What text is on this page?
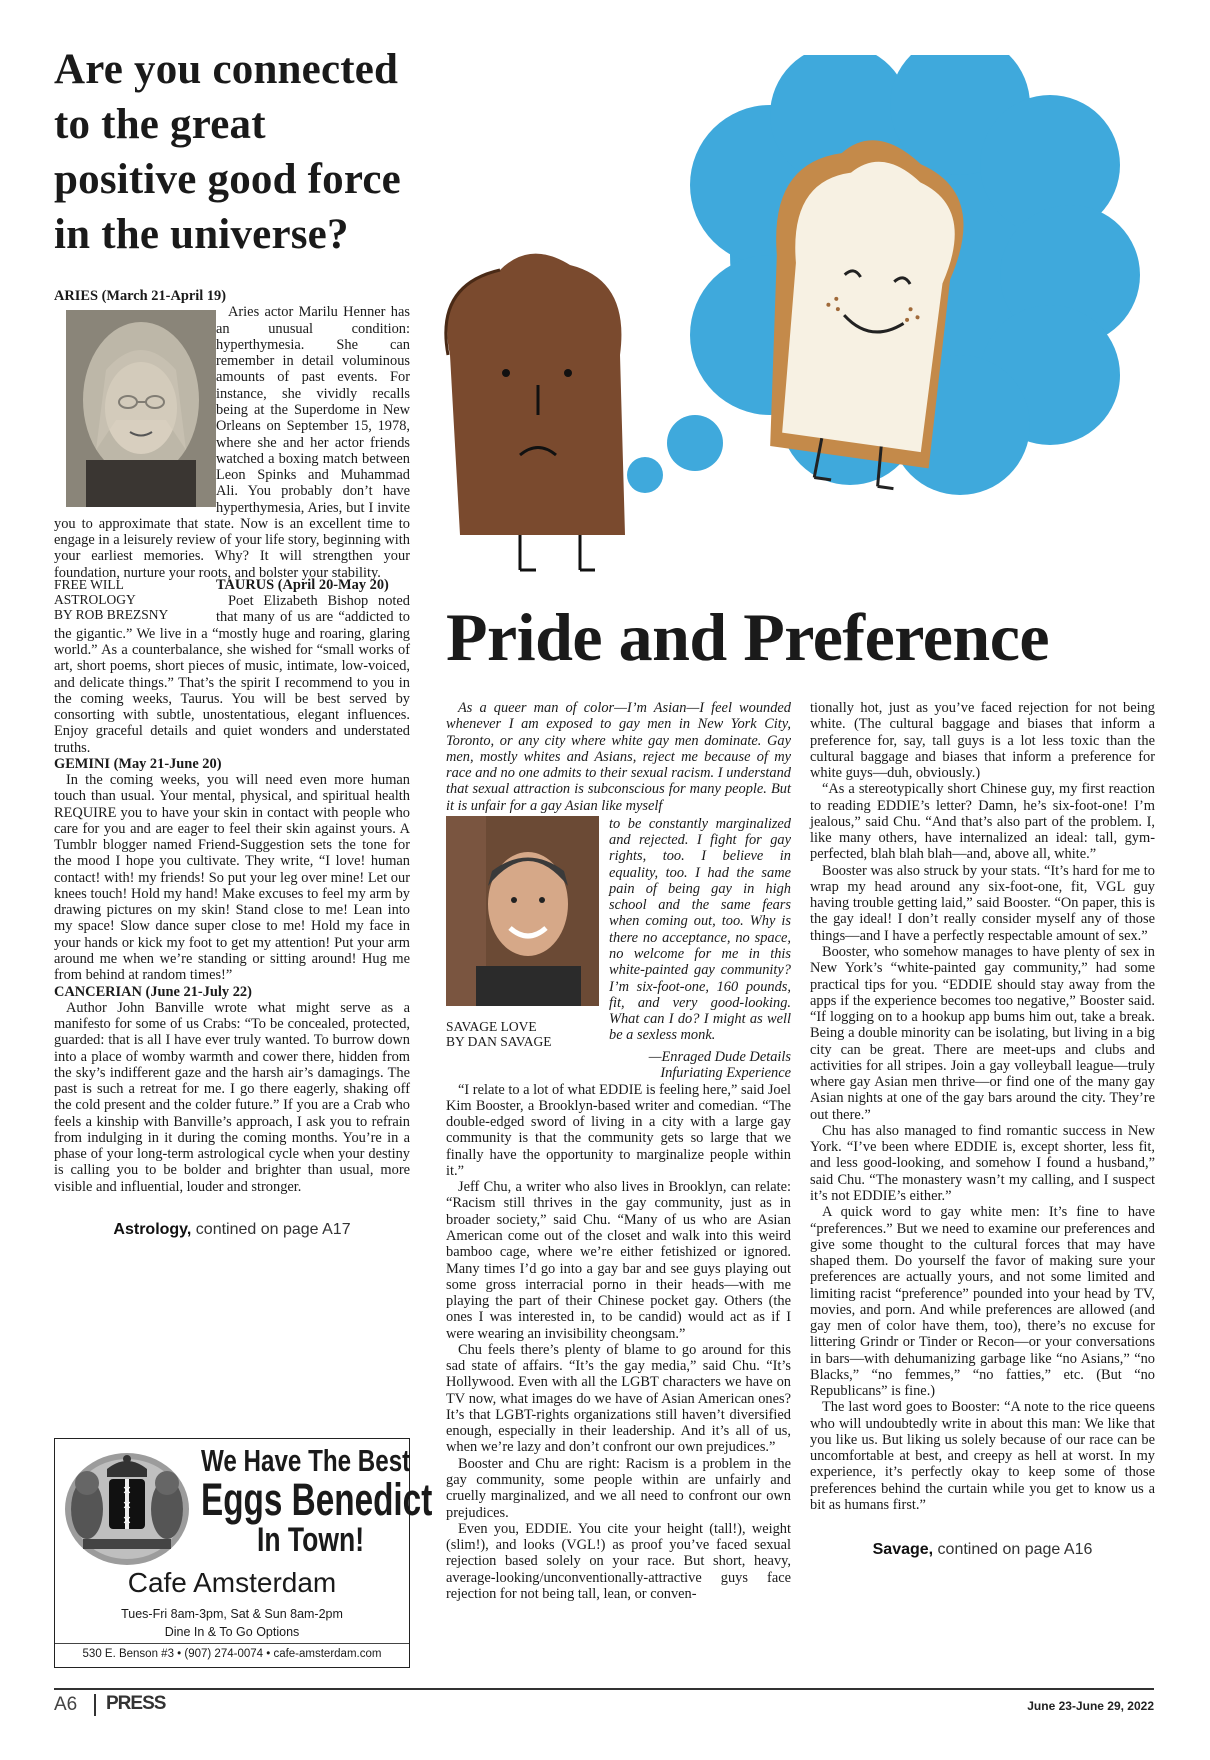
Are you connected to the great positive good force in the universe?
ARIES (March 21-April 19)
Aries actor Marilu Henner has an unusual condition: hyperthymesia. She can remember in detail voluminous amounts of past events. For instance, she vividly recalls being at the Superdome in New Orleans on September 15, 1978, where she and her actor friends watched a boxing match between Leon Spinks and Muhammad Ali. You probably don’t have hyperthymesia, Aries, but I invite you to approximate that state. Now is an excellent time to engage in a leisurely review of your life story, beginning with your earliest memories. Why? It will strengthen your foundation, nurture your roots, and bolster your stability.
FREE WILL
ASTROLOGY
BY ROB BREZSNY
TAURUS (April 20-May 20)
Poet Elizabeth Bishop noted that many of us are “addicted to the gigantic.” We live in a “mostly huge and roaring, glaring world.” As a counterbalance, she wished for “small works of art, short poems, short pieces of music, intimate, low-voiced, and delicate things.” That’s the spirit I recommend to you in the coming weeks, Taurus. You will be best served by consorting with subtle, unostentatious, elegant influences. Enjoy graceful details and quiet wonders and understated truths.
GEMINI (May 21-June 20)
In the coming weeks, you will need even more human touch than usual. Your mental, physical, and spiritual health REQUIRE you to have your skin in contact with people who care for you and are eager to feel their skin against yours. A Tumblr blogger named Friend-Suggestion sets the tone for the mood I hope you cultivate. They write, “I love! human contact! with! my friends! So put your leg over mine! Let our knees touch! Hold my hand! Make excuses to feel my arm by drawing pictures on my skin! Stand close to me! Lean into my space! Slow dance super close to me! Hold my face in your hands or kick my foot to get my attention! Put your arm around me when we’re standing or sitting around! Hug me from behind at random times!”
CANCERIAN (June 21-July 22)
Author John Banville wrote what might serve as a manifesto for some of us Crabs: “To be concealed, protected, guarded: that is all I have ever truly wanted. To burrow down into a place of womby warmth and cower there, hidden from the sky’s indifferent gaze and the harsh air’s damagings. The past is such a retreat for me. I go there eagerly, shaking off the cold present and the colder future.” If you are a Crab who feels a kinship with Banville’s approach, I ask you to refrain from indulging in it during the coming months. You’re in a phase of your long-term astrological cycle when your destiny is calling you to be bolder and brighter than usual, more visible and influential, louder and stronger.
Astrology, contined on page A17
✕
✕
✕
We Have The Best
Eggs Benedict
In Town!
Cafe Amsterdam
Tues-Fri 8am-3pm, Sat & Sun 8am-2pm
Dine In & To Go Options
530 E. Benson #3 • (907) 274-0074 • cafe-amsterdam.com
Pride and Preference
As a queer man of color—I’m Asian—I feel wounded whenever I am exposed to gay men in New York City, Toronto, or any city where white gay men dominate. Gay men, mostly whites and Asians, reject me because of my race and no one admits to their sexual racism. I understand that sexual attraction is subconscious for many people. But it is unfair for a gay Asian like myself
SAVAGE LOVE
BY DAN SAVAGE
to be constantly marginalized and rejected. I fight for gay rights, too. I believe in equality, too. I had the same pain of being gay in high school and the same fears when coming out, too. Why is there no acceptance, no space, no welcome for me in this white-painted gay community? I’m six-foot-one, 160 pounds, fit, and very good-looking. What can I do? I might as well be a sexless monk.
—Enraged Dude Details
Infuriating Experience
“I relate to a lot of what EDDIE is feeling here,” said Joel Kim Booster, a Brooklyn-based writer and comedian. “The double-edged sword of living in a city with a large gay community is that the community gets so large that we finally have the opportunity to marginalize people within it.”
Jeff Chu, a writer who also lives in Brooklyn, can relate: “Racism still thrives in the gay community, just as in broader society,” said Chu. “Many of us who are Asian American come out of the closet and walk into this weird bamboo cage, where we’re either fetishized or ignored. Many times I’d go into a gay bar and see guys playing out some gross interracial porno in their heads—with me playing the part of their Chinese pocket gay. Others (the ones I was interested in, to be candid) would act as if I were wearing an invisibility cheongsam.”
Chu feels there’s plenty of blame to go around for this sad state of affairs. “It’s the gay media,” said Chu. “It’s Hollywood. Even with all the LGBT characters we have on TV now, what images do we have of Asian American ones? It’s that LGBT-rights organizations still haven’t diversified enough, especially in their leadership. And it’s all of us, when we’re lazy and don’t confront our own prejudices.”
Booster and Chu are right: Racism is a problem in the gay community, some people within are unfairly and cruelly marginalized, and we all need to confront our own prejudices.
Even you, EDDIE. You cite your height (tall!), weight (slim!), and looks (VGL!) as proof you’ve faced sexual rejection based solely on your race. But short, heavy, average-looking/unconventionally-attractive guys face rejection for not being tall, lean, or conven-
tionally hot, just as you’ve faced rejection for not being white. (The cultural baggage and biases that inform a preference for, say, tall guys is a lot less toxic than the cultural baggage and biases that inform a preference for white guys—duh, obviously.)
“As a stereotypically short Chinese guy, my first reaction to reading EDDIE’s letter? Damn, he’s six-foot-one! I’m jealous,” said Chu. “And that’s also part of the problem. I, like many others, have internalized an ideal: tall, gym-perfected, blah blah blah—and, above all, white.”
Booster was also struck by your stats. “It’s hard for me to wrap my head around any six-foot-one, fit, VGL guy having trouble getting laid,” said Booster. “On paper, this is the gay ideal! I don’t really consider myself any of those things—and I have a perfectly respectable amount of sex.”
Booster, who somehow manages to have plenty of sex in New York’s “white-painted gay community,” had some practical tips for you. “EDDIE should stay away from the apps if the experience becomes too negative,” Booster said. “If logging on to a hookup app bums him out, take a break. Being a double minority can be isolating, but living in a big city can be great. There are meet-ups and clubs and activities for all stripes. Join a gay volleyball league—truly where gay Asian men thrive—or find one of the many gay Asian nights at one of the gay bars around the city. They’re out there.”
Chu has also managed to find romantic success in New York. “I’ve been where EDDIE is, except shorter, less fit, and less good-looking, and somehow I found a husband,” said Chu. “The monastery wasn’t my calling, and I suspect it’s not EDDIE’s either.”
A quick word to gay white men: It’s fine to have “preferences.” But we need to examine our preferences and give some thought to the cultural forces that may have shaped them. Do yourself the favor of making sure your preferences are actually yours, and not some limited and limiting racist “preference” pounded into your head by TV, movies, and porn. And while preferences are allowed (and gay men of color have them, too), there’s no excuse for littering Grindr or Tinder or Recon—or your conversations in bars—with dehumanizing garbage like “no Asians,” “no Blacks,” “no femmes,” “no fatties,” etc. (But “no Republicans” is fine.)
The last word goes to Booster: “A note to the rice queens who will undoubtedly write in about this man: We like that you like us. But liking us solely because of our race can be uncomfortable at best, and creepy as hell at worst. In my experience, it’s perfectly okay to keep some of those preferences behind the curtain while you get to know us a bit as humans first.”
Savage, contined on page A16
A6 PRESS	June 23-June 29, 2022
